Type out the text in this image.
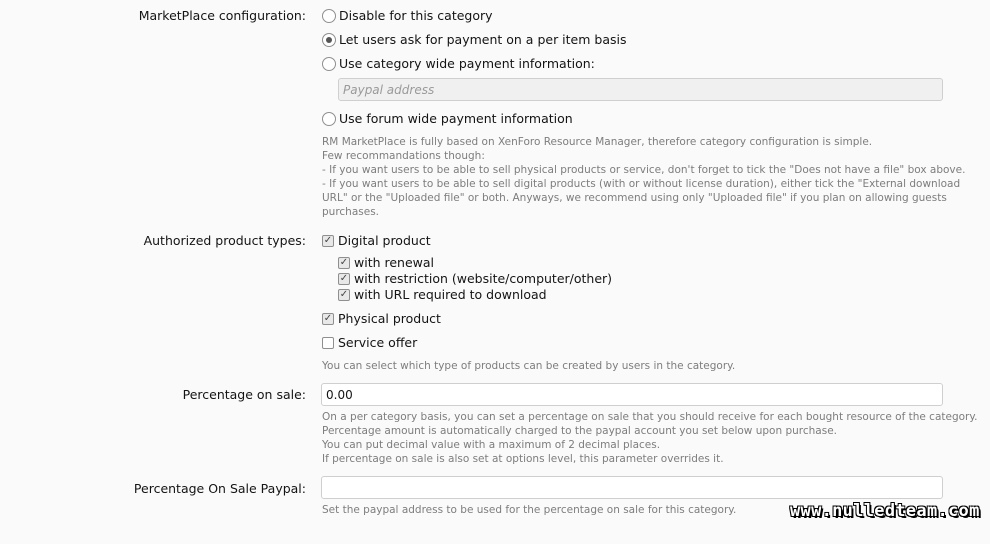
MarketPlace configuration:	Disable for this category
Let users ask for payment on a per item basis
Use category wide payment information:
Paypal address
Use forum wide payment information
RM MarketPlace is fully based on XenForo Resource Manager, therefore category configuration is simple.
Few recommandations though:
- If you want users to be able to sell physical products or service, don't forget to tick the "Does not have a file" box above.
- If you want users to be able to sell digital products (with or without license duration), either tick the "External download
URL" or the "Uploaded file" or both. Anyways, we recommend using only "Uploaded file" if you plan on allowing guests
purchases.
Authorized product types: ✓ Digital product
✓ with renewal
✓ with restriction (website/computer/other)
✓ with URL required to download
✓ Physical product
Service offer
You can select which type of products can be created by users in the category.
Percentage on sale:	0.00
On a per category basis, you can set a percentage on sale that you should receive for each bought resource of the category.
Percentage amount is automatically charged to the paypal account you set below upon purchase.
You can put decimal value with a maximum of 2 decimal places.
If percentage on sale is also set at options level, this parameter overrides it.
Percentage On Sale Paypal:
Set the paypal address to be used for the percentage on sale for this category.	www.nulledteam.com
